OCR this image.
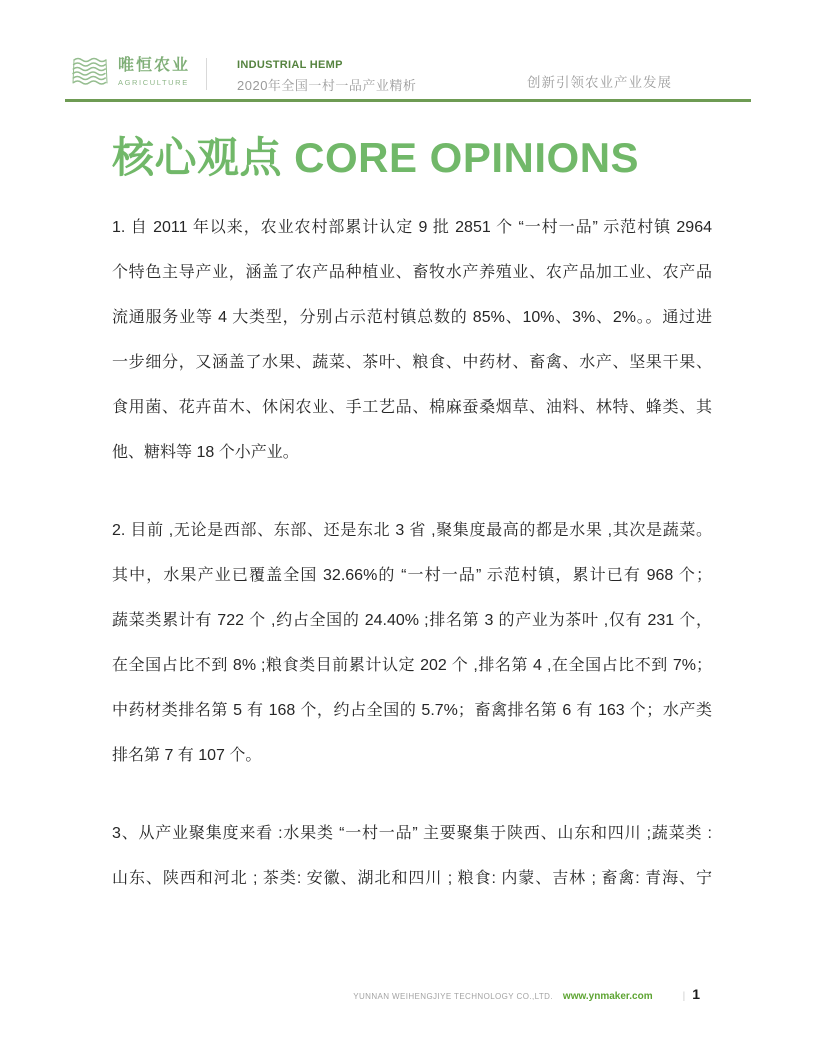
唯恒农业
AGRICULTURE
INDUSTRIAL HEMP
2020年全国一村一品产业精析	创新引领农业产业发展
核心观点 CORE OPINIONS
1. 自 2011 年以来，农业农村部累计认定 9 批 2851 个 “一村一品” 示范村镇 2964
个特色主导产业，涵盖了农产品种植业、畜牧水产养殖业、农产品加工业、农产品
流通服务业等 4 大类型，分别占示范村镇总数的 85%、10%、3%、2%。。通过进
一步细分，又涵盖了水果、蔬菜、茶叶、粮食、中药材、畜禽、水产、坚果干果、
食用菌、花卉苗木、休闲农业、手工艺品、棉麻蚕桑烟草、油料、林特、蜂类、其
他、糖料等 18 个小产业。
2. 目前 ,无论是西部、东部、还是东北 3 省 ,聚集度最高的都是水果 ,其次是蔬菜。
其中，水果产业已覆盖全国 32.66%的 “一村一品” 示范村镇，累计已有 968 个；
蔬菜类累计有 722 个 ,约占全国的 24.40% ;排名第 3 的产业为茶叶 ,仅有 231 个，
在全国占比不到 8% ;粮食类目前累计认定 202 个 ,排名第 4 ,在全国占比不到 7%；
中药材类排名第 5 有 168 个，约占全国的 5.7%；畜禽排名第 6 有 163 个；水产类
排名第 7 有 107 个。
3、从产业聚集度来看 :水果类 “一村一品” 主要聚集于陕西、山东和四川 ;蔬菜类 :
山东、陕西和河北 ; 茶类: 安徽、湖北和四川 ; 粮食: 内蒙、吉林 ; 畜禽: 青海、宁
YUNNAN WEIHENGJIYE TECHNOLOGY CO.,LTD. www.ynmaker.com	| 1
